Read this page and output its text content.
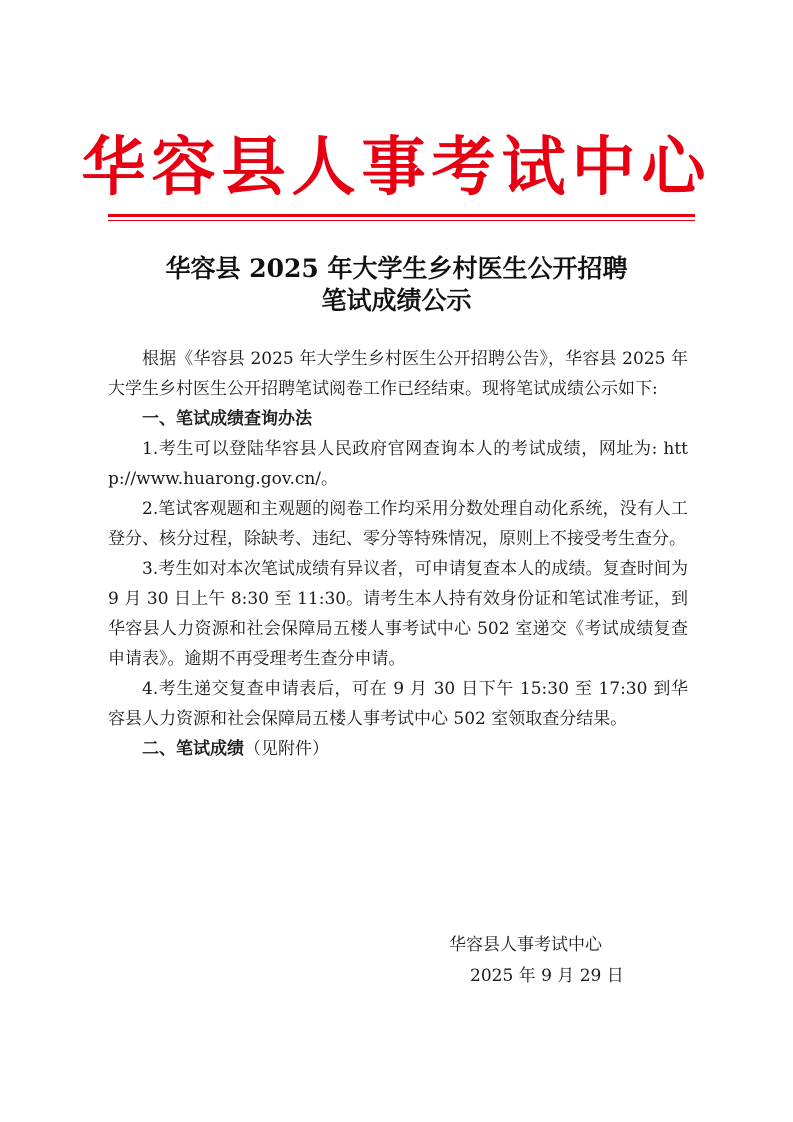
华容县人事考试中心
华容县 2025 年大学生乡村医生公开招聘
笔试成绩公示

根据《华容县 2025 年大学生乡村医生公开招聘公告》，华容县 2025 年大学生乡村医生公开招聘笔试阅卷工作已经结束。现将笔试成绩公示如下:

一、笔试成绩查询办法

1.考生可以登陆华容县人民政府官网查询本人的考试成绩，网址为: http://www.huarong.gov.cn/。

2.笔试客观题和主观题的阅卷工作均采用分数处理自动化系统，没有人工登分、核分过程，除缺考、违纪、零分等特殊情况，原则上不接受考生查分。

3.考生如对本次笔试成绩有异议者，可申请复查本人的成绩。复查时间为 9 月 30 日上午 8:30 至 11:30。请考生本人持有效身份证和笔试准考证，到华容县人力资源和社会保障局五楼人事考试中心 502 室递交《考试成绩复查申请表》。逾期不再受理考生查分申请。

4.考生递交复查申请表后，可在 9 月 30 日下午 15:30 至 17:30 到华容县人力资源和社会保障局五楼人事考试中心 502 室领取查分结果。

二、笔试成绩（见附件）

华容县人事考试中心
2025 年 9 月 29 日
